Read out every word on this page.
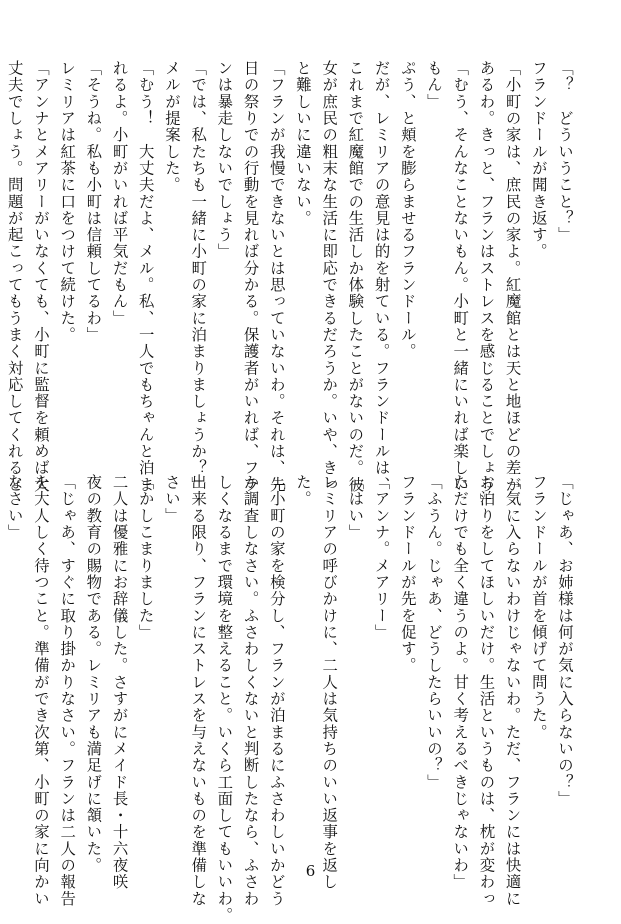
「？　どういうこと？」
フランドールが聞き返す。
「小町の家は、庶民の家よ。紅魔館とは天と地ほどの差が
あるわ。きっと、フランはストレスを感じることでしょう」
「むう、そんなことないもん。小町と一緒にいれば楽しい
もん」
ぷう、と頬を膨らませるフランドール。
だが、レミリアの意見は的を射ている。フランドールは、
これまで紅魔館での生活しか体験したことがないのだ。彼
女が庶民の粗末な生活に即応できるだろうか。いや、きっ
と難しいに違いない。
「フランが我慢できないとは思っていないわ。それは、先
日の祭りでの行動を見れば分かる。保護者がいれば、フラ
ンは暴走しないでしょう」
「では、私たちも一緒に小町の家に泊まりましょうか？」
メルが提案した。
「むう！　大丈夫だよ、メル。私、一人でもちゃんと泊ま
れるよ。小町がいれば平気だもん」
「そうね。私も小町は信頼してるわ」
レミリアは紅茶に口をつけて続けた。
「アンナとメアリーがいなくても、小町に監督を頼めば大
丈夫でしょう。問題が起こってもうまく対応してくれると
「じゃあ、お姉様は何が気に入らないの？」
フランドールが首を傾げて問うた。
「気に入らないわけじゃないわ。ただ、フランには快適に
お泊りをしてほしいだけ。生活というものは、枕が変わっ
ただけでも全く違うのよ。甘く考えるべきじゃないわ」
「ふうん。じゃあ、どうしたらいいの？」
フランドールが先を促す。
「アンナ。メアリー」
「はい」
レミリアの呼びかけに、二人は気持ちのいい返事を返し
た。
「小町の家を検分し、フランが泊まるにふさわしいかどう
か調査しなさい。ふさわしくないと判断したなら、ふさわ
しくなるまで環境を整えること。いくら工面してもいいわ。
出来る限り、フランにストレスを与えないものを準備しな
さい」
「かしこまりました」
二人は優雅にお辞儀した。さすがにメイド長・十六夜咲
夜の教育の賜物である。レミリアも満足げに頷いた。
「じゃあ、すぐに取り掛かりなさい。フランは二人の報告
を大人しく待つこと。準備ができ次第、小町の家に向かい
なさい」
6
